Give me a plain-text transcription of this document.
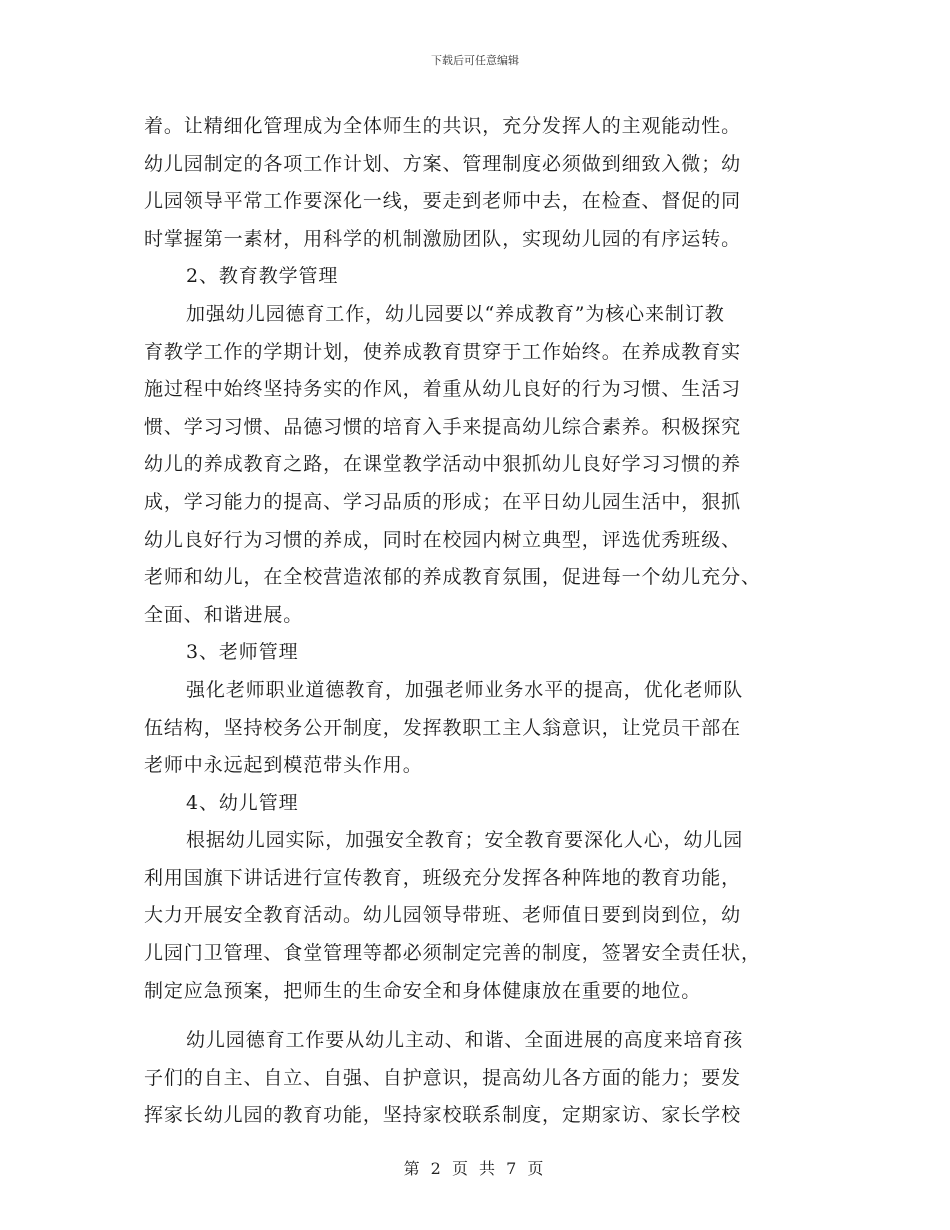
下载后可任意编辑
着。让精细化管理成为全体师生的共识，充分发挥人的主观能动性。
幼儿园制定的各项工作计划、方案、管理制度必须做到细致入微；幼
儿园领导平常工作要深化一线，要走到老师中去，在检查、督促的同
时掌握第一素材，用科学的机制激励团队，实现幼儿园的有序运转。
2、教育教学管理
加强幼儿园德育工作，幼儿园要以“养成教育”为核心来制订教
育教学工作的学期计划，使养成教育贯穿于工作始终。在养成教育实
施过程中始终坚持务实的作风，着重从幼儿良好的行为习惯、生活习
惯、学习习惯、品德习惯的培育入手来提高幼儿综合素养。积极探究
幼儿的养成教育之路，在课堂教学活动中狠抓幼儿良好学习习惯的养
成，学习能力的提高、学习品质的形成；在平日幼儿园生活中，狠抓
幼儿良好行为习惯的养成，同时在校园内树立典型，评选优秀班级、
老师和幼儿，在全校营造浓郁的养成教育氛围，促进每一个幼儿充分、
全面、和谐进展。
3、老师管理
强化老师职业道德教育，加强老师业务水平的提高，优化老师队
伍结构，坚持校务公开制度，发挥教职工主人翁意识，让党员干部在
老师中永远起到模范带头作用。
4、幼儿管理
根据幼儿园实际，加强安全教育；安全教育要深化人心，幼儿园
利用国旗下讲话进行宣传教育，班级充分发挥各种阵地的教育功能，
大力开展安全教育活动。幼儿园领导带班、老师值日要到岗到位，幼
儿园门卫管理、食堂管理等都必须制定完善的制度，签署安全责任状，
制定应急预案，把师生的生命安全和身体健康放在重要的地位。
幼儿园德育工作要从幼儿主动、和谐、全面进展的高度来培育孩
子们的自主、自立、自强、自护意识，提高幼儿各方面的能力；要发
挥家长幼儿园的教育功能，坚持家校联系制度，定期家访、家长学校
第 2 页 共 7 页
